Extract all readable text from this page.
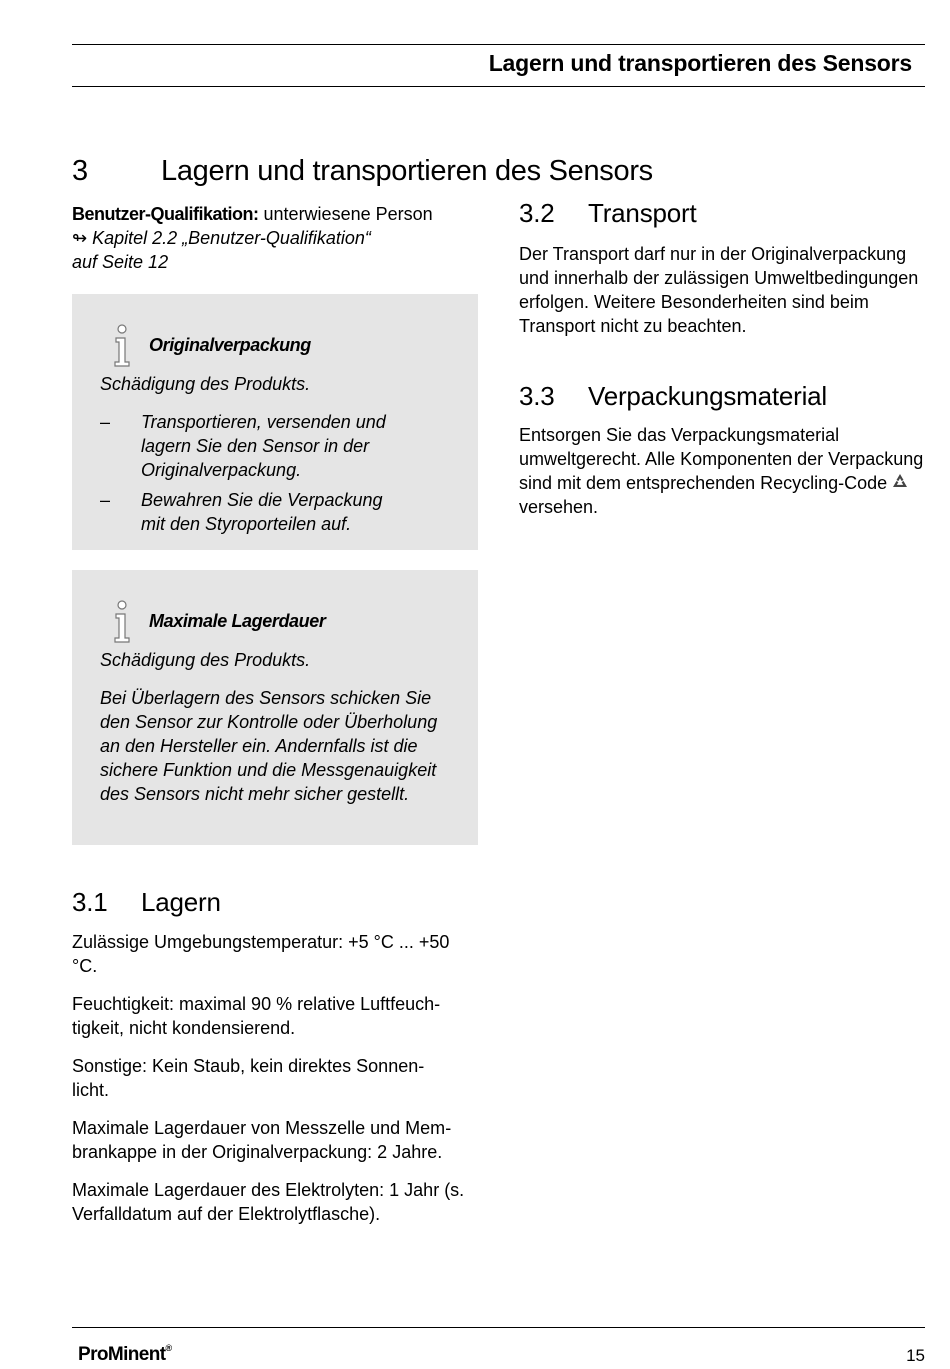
Lagern und transportieren des Sensors
3	Lagern und transportieren des Sensors
Benutzer-Qualifikation: unterwiesene Person
↬ Kapitel 2.2 „Benutzer-Qualifikation“
auf Seite 12
Originalverpackung

Schädigung des Produkts.

– Transportieren, versenden und lagern Sie den Sensor in der Originalverpackung.
– Bewahren Sie die Verpackung mit den Styroporteilen auf.
Maximale Lagerdauer

Schädigung des Produkts.

Bei Überlagern des Sensors schicken Sie den Sensor zur Kontrolle oder Überholung an den Hersteller ein. Andernfalls ist die sichere Funktion und die Messgenauigkeit des Sensors nicht mehr sicher gestellt.

3.1 Lagern

Zulässige Umgebungstemperatur: +5 °C ... +50 °C.

Feuchtigkeit: maximal 90 % relative Luftfeuchtigkeit, nicht kondensierend.

Sonstige: Kein Staub, kein direktes Sonnenlicht.

Maximale Lagerdauer von Messzelle und Membrankappe in der Originalverpackung: 2 Jahre.

Maximale Lagerdauer des Elektrolyten: 1 Jahr (s. Verfalldatum auf der Elektrolytflasche).

3.2 Transport

Der Transport darf nur in der Originalverpackung und innerhalb der zulässigen Umweltbedingungen erfolgen. Weitere Besonderheiten sind beim Transport nicht zu beachten.

3.3 Verpackungsmaterial

Entsorgen Sie das Verpackungsmaterial umweltgerecht. Alle Komponenten der Verpackung sind mit dem entsprechenden Recycling-Codeversehen.

ProMinent®	15
